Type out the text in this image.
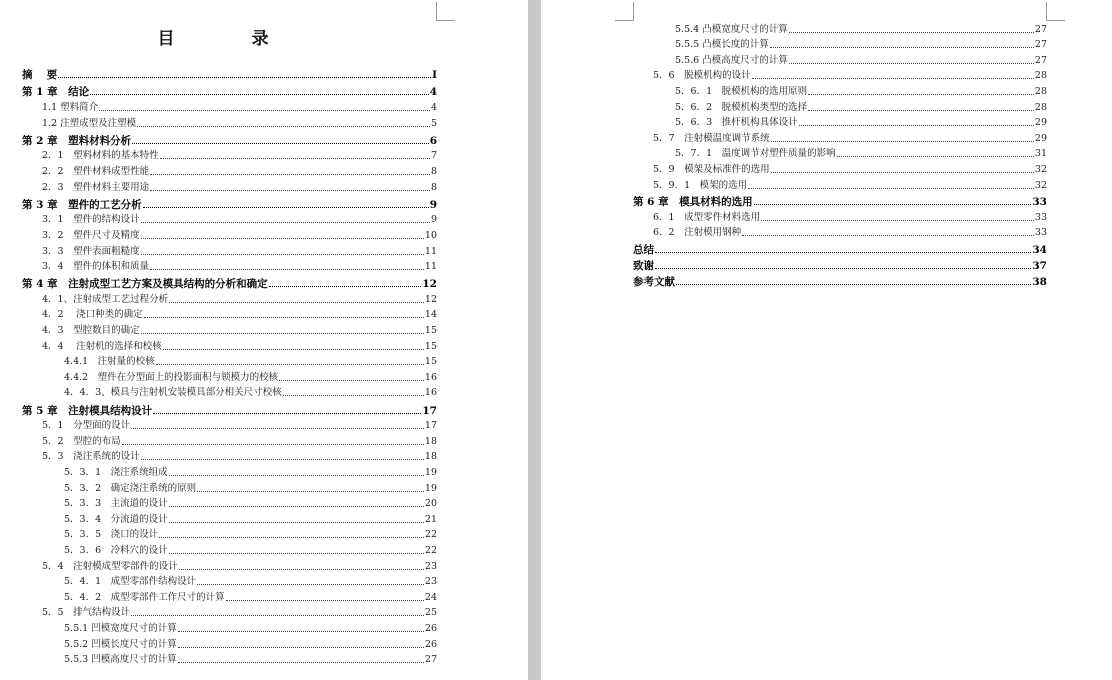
目　录
摘　 要	I
第 1 章　结论	4
1.1 塑料简介	4
1.2 注塑成型及注塑模	5
第 2 章　塑料材料分析	6
2．1　塑料材料的基本特性	7
2．2　塑件材料成型性能	8
2．3　塑件材料主要用途	8
第 3 章　塑件的工艺分析	9
3．1　塑件的结构设计	9
3．2　塑件尺寸及精度	10
3．3　塑件表面粗糙度	11
3．4　塑件的体积和质量	11
第 4 章　注射成型工艺方案及模具结构的分析和确定	12
4．1、注射成型工艺过程分析	12
4．2　 浇口种类的确定	14
4．3　型腔数目的确定	15
4．4　 注射机的选择和校核	15
4.4.1　注射量的校核	15
4.4.2　塑件在分型面上的投影面积与锁模力的校核	16
4．4．3、模具与注射机安装模具部分相关尺寸校核	16
第 5 章　注射模具结构设计	17
5．1　分型面的设计	17
5．2　型腔的布局	18
5．3　浇注系统的设计	18
5．3．1　浇注系统组成	19
5．3．2　确定浇注系统的原则	19
5．3．3　主流道的设计	20
5．3．4　分流道的设计	21
5．3．5　浇口的设计	22
5．3．6　冷料穴的设计	22
5．4　注射模成型零部件的设计	23
5．4．1　成型零部件结构设计	23
5．4．2　成型零部件工作尺寸的计算	24
5．5　排气结构设计	25
5.5.1 凹模宽度尺寸的计算	26
5.5.2 凹模长度尺寸的计算	26
5.5.3 凹模高度尺寸的计算	27
5.5.4 凸模宽度尺寸的计算	27
5.5.5 凸模长度的计算	27
5.5.6 凸模高度尺寸的计算	27
5．6　脱模机构的设计	28
5．6．1　脱模机构的选用原则	28
5．6．2　脱模机构类型的选择	28
5．6．3　推杆机构具体设计	29
5．7　注射模温度调节系统	29
5．7．1　温度调节对塑件质量的影响	31
5．9　模架及标准件的选用	32
5．9．1　模架的选用	32
第 6 章　模具材料的选用	33
6．1　成型零件材料选用	33
6．2　注射模用钢种	33
总结	34
致谢	37
参考文献	38
